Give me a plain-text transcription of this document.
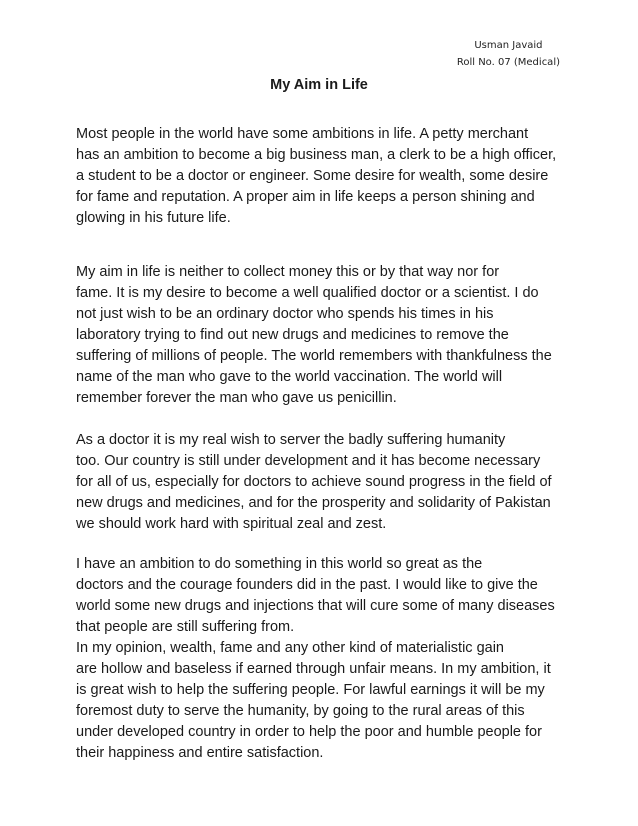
Usman Javaid
Roll No. 07 (Medical)
My Aim in Life

Most people in the world have some ambitions in life. A petty merchant
has an ambition to become a big business man, a clerk to be a high officer,
a student to be a doctor or engineer. Some desire for wealth, some desire
for fame and reputation. A proper aim in life keeps a person shining and
glowing in his future life.

My aim in life is neither to collect money this or by that way nor for
fame. It is my desire to become a well qualified doctor or a scientist. I do
not just wish to be an ordinary doctor who spends his times in his
laboratory trying to find out new drugs and medicines to remove the
suffering of millions of people. The world remembers with thankfulness the
name of the man who gave to the world vaccination. The world will
remember forever the man who gave us penicillin.

As a doctor it is my real wish to server the badly suffering humanity
too. Our country is still under development and it has become necessary
for all of us, especially for doctors to achieve sound progress in the field of
new drugs and medicines, and for the prosperity and solidarity of Pakistan
we should work hard with spiritual zeal and zest.

I have an ambition to do something in this world so great as the
doctors and the courage founders did in the past. I would like to give the
world some new drugs and injections that will cure some of many diseases
that people are still suffering from.
In my opinion, wealth, fame and any other kind of materialistic gain
are hollow and baseless if earned through unfair means. In my ambition, it
is great wish to help the suffering people. For lawful earnings it will be my
foremost duty to serve the humanity, by going to the rural areas of this
under developed country in order to help the poor and humble people for
their happiness and entire satisfaction.
